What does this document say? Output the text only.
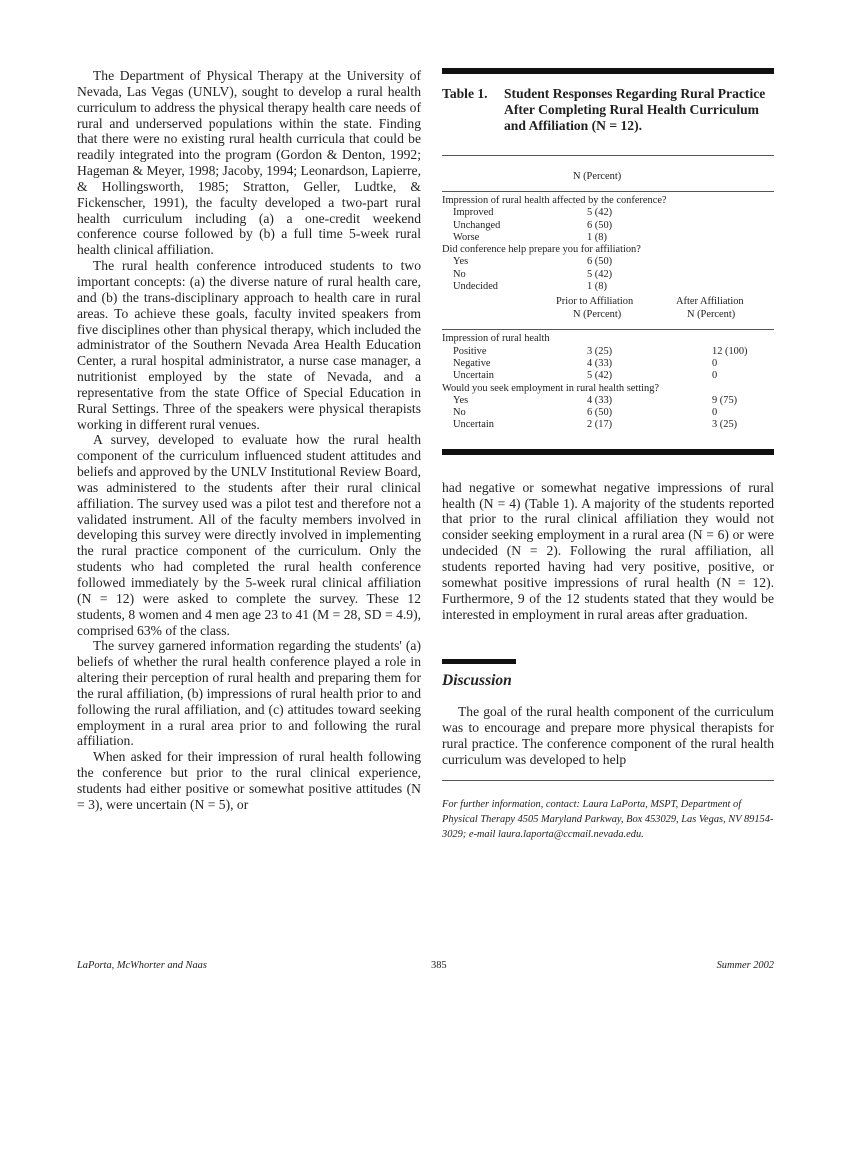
The Department of Physical Therapy at the University of Nevada, Las Vegas (UNLV), sought to develop a rural health curriculum to address the physical therapy health care needs of rural and underserved populations within the state. Finding that there were no existing rural health curricula that could be readily integrated into the program (Gordon & Denton, 1992; Hageman & Meyer, 1998; Jacoby, 1994; Leonardson, Lapierre, & Hollingsworth, 1985; Stratton, Geller, Ludtke, & Fickenscher, 1991), the faculty developed a two-part rural health curriculum including (a) a one-credit weekend conference course followed by (b) a full time 5-week rural health clinical affiliation.

The rural health conference introduced students to two important concepts: (a) the diverse nature of rural health care, and (b) the trans-disciplinary approach to health care in rural areas. To achieve these goals, faculty invited speakers from five disciplines other than physical therapy, which included the administrator of the Southern Nevada Area Health Education Center, a rural hospital administrator, a nurse case manager, a nutritionist employed by the state of Nevada, and a representative from the state Office of Special Education in Rural Settings. Three of the speakers were physical therapists working in different rural venues.

A survey, developed to evaluate how the rural health component of the curriculum influenced student attitudes and beliefs and approved by the UNLV Institutional Review Board, was administered to the students after their rural clinical affiliation. The survey used was a pilot test and therefore not a validated instrument. All of the faculty members involved in developing this survey were directly involved in implementing the rural practice component of the curriculum. Only the students who had completed the rural health conference followed immediately by the 5-week rural clinical affiliation (N = 12) were asked to complete the survey. These 12 students, 8 women and 4 men age 23 to 41 (M = 28, SD = 4.9), comprised 63% of the class.

The survey garnered information regarding the students' (a) beliefs of whether the rural health conference played a role in altering their perception of rural health and preparing them for the rural affiliation, (b) impressions of rural health prior to and following the rural affiliation, and (c) attitudes toward seeking employment in a rural area prior to and following the rural affiliation.

When asked for their impression of rural health following the conference but prior to the rural clinical experience, students had either positive or somewhat positive attitudes (N = 3), were uncertain (N = 5), or

Table 1.	Student Responses Regarding Rural Practice After Completing Rural Health Curriculum and Affiliation (N = 12).
N (Percent)
Impression of rural health affected by the conference?
Improved	5 (42)
Unchanged	6 (50)
Worse	1 (8)
Did conference help prepare you for affiliation?
Yes	6 (50)
No	5 (42)
Undecided	1 (8)
Prior to Affiliation
N (Percent)
After Affiliation
N (Percent)
Impression of rural health
Positive	3 (25)	12 (100)
Negative	4 (33)	0
Uncertain	5 (42)	0
Would you seek employment in rural health setting?
Yes	4 (33)	9 (75)
No	6 (50)	0
Uncertain	2 (17)	3 (25)

had negative or somewhat negative impressions of rural health (N = 4) (Table 1). A majority of the students reported that prior to the rural clinical affiliation they would not consider seeking employment in a rural area (N = 6) or were undecided (N = 2). Following the rural affiliation, all students reported having had very positive, positive, or somewhat positive impressions of rural health (N = 12). Furthermore, 9 of the 12 students stated that they would be interested in employment in rural areas after graduation.

Discussion

The goal of the rural health component of the curriculum was to encourage and prepare more physical therapists for rural practice. The conference component of the rural health curriculum was developed to help

For further information, contact: Laura LaPorta, MSPT, Department of Physical Therapy 4505 Maryland Parkway, Box 453029, Las Vegas, NV 89154-3029; e-mail laura.laporta@ccmail.nevada.edu.
LaPorta, McWhorter and Naas	385	Summer 2002
